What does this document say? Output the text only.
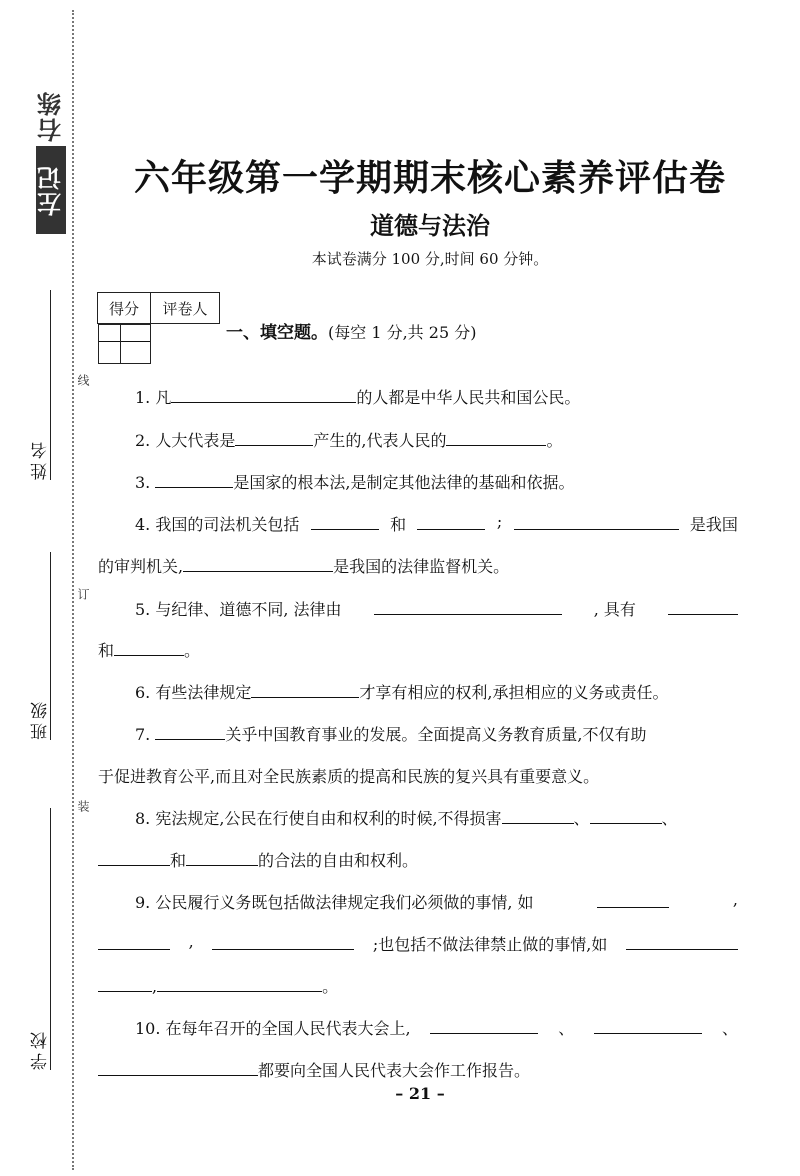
右练
左记
姓名
班级
学校
线
订
装
六年级第一学期期末核心素养评估卷
道德与法治
本试卷满分 100 分,时间 60 分钟。
得分	评卷人

一、填空题。(每空 1 分,共 25 分)
1. 凡	的人都是中华人民共和国公民。
2. 人大代表是	产生的,代表人民的	。
3.	是国家的根本法,是制定其他法律的基础和依据。
4. 我国的司法机关包括	和	;	是我国
的审判机关,	是我国的法律监督机关。
5. 与纪律、道德不同, 法律由	, 具有
和	。
6. 有些法律规定	才享有相应的权利,承担相应的义务或责任。
7.	关乎中国教育事业的发展。全面提高义务教育质量,不仅有助
于促进教育公平,而且对全民族素质的提高和民族的复兴具有重要意义。
8. 宪法规定,公民在行使自由和权利的时候,不得损害	、	、
和	的合法的自由和权利。
9. 公民履行义务既包括做法律规定我们必须做的事情, 如	,
,	;也包括不做法律禁止做的事情,如
,	。
10. 在每年召开的全国人民代表大会上,	、	、
都要向全国人民代表大会作工作报告。
– 21 –
